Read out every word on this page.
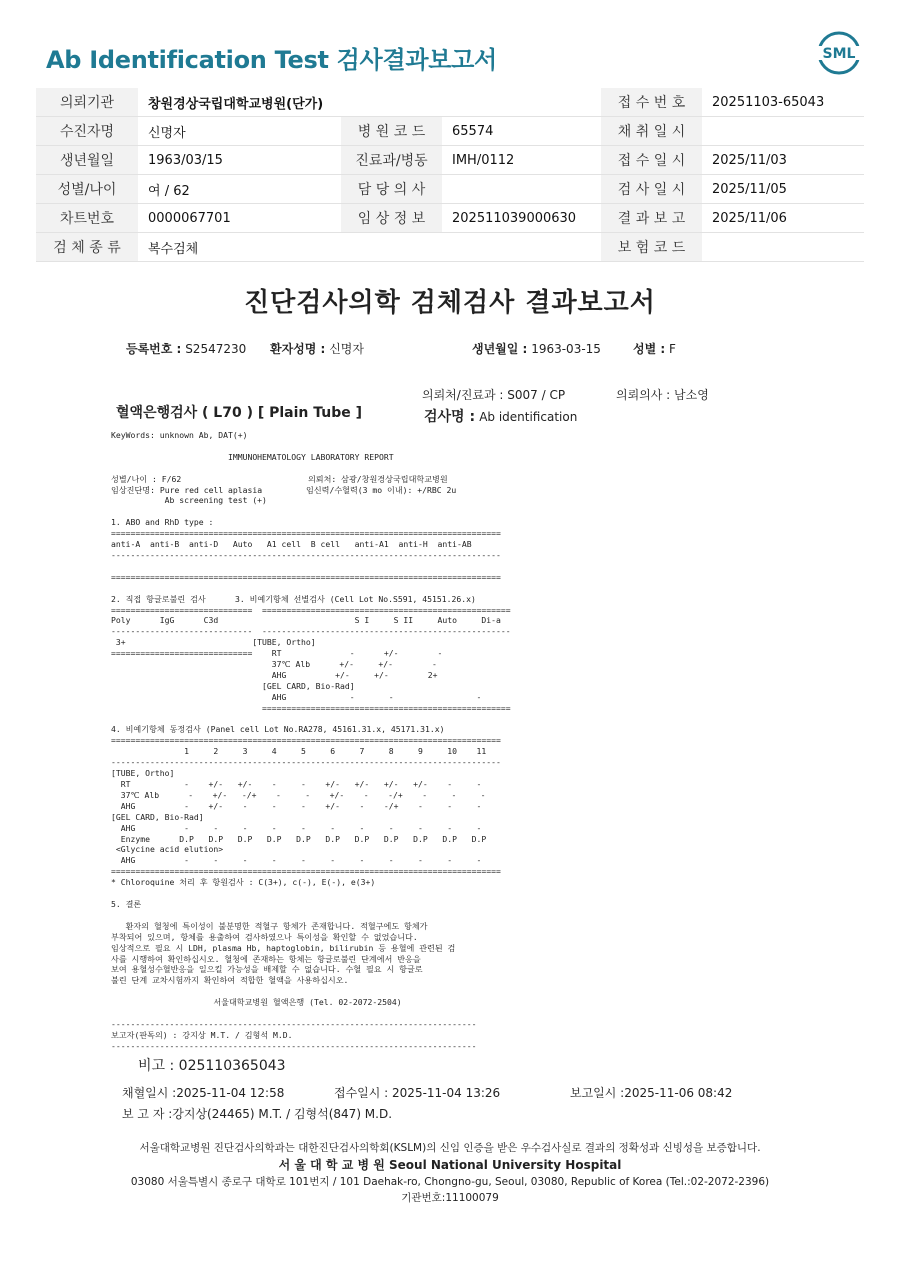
Ab Identification Test 검사결과보고서	SML
의뢰기관	창원경상국립대학교병원(단가)			접 수 번 호	20251103-65043
수진자명	신명자	병 원 코 드	65574	채 취 일 시	
생년월일	1963/03/15	진료과/병동	IMH/0112	접 수 일 시	2025/11/03
성별/나이	여 / 62	담 당 의 사		검 사 일 시	2025/11/05
차트번호	0000067701	임 상 정 보	202511039000630	결 과 보 고	2025/11/06
검 체 종 류	복수검체			보 험 코 드	
진단검사의학 검체검사 결과보고서
등록번호 : S2547230 환자성명 : 신명자	생년월일 : 1963-03-15	성별 : F
의뢰처/진료과 : S007 / CP	의뢰의사 : 남소영
혈액은행검사 ( L70 ) [ Plain Tube ]	검사명 : Ab identification
KeyWords: unknown Ab, DAT(+)

IMMUNOHEMATOLOGY LABORATORY REPORT

성별/나이 : F/62                          의뢰처: 삼광/창원경상국립대학교병원
임상진단명: Pure red cell aplasia         임신력/수혈력(3 mo 이내): +/RBC 2u
Ab screening test (+)

1. ABO and RhD type :
================================================================================
anti-A  anti-B  anti-D   Auto   A1 cell  B cell   anti-A1  anti-H  anti-AB
--------------------------------------------------------------------------------

================================================================================

2. 직접 항글로불린 검사      3. 비예기항체 선별검사 (Cell Lot No.S591, 45151.26.x)
=============================  ===================================================
Poly      IgG      C3d                            S I     S II     Auto     Di-a
-----------------------------  ---------------------------------------------------
3+                          [TUBE, Ortho]
=============================    RT              -      +/-        -
37℃ Alb      +/-     +/-        -
AHG          +/-     +/-        2+
[GEL CARD, Bio-Rad]
AHG             -       -                 -
===================================================

4. 비예기항체 동정검사 (Panel cell Lot No.RA278, 45161.31.x, 45171.31.x)
================================================================================
1     2     3     4     5     6     7     8     9     10    11
--------------------------------------------------------------------------------
[TUBE, Ortho]
RT           -    +/-   +/-    -     -    +/-   +/-   +/-   +/-    -     -
37℃ Alb      -    +/-   -/+    -     -    +/-    -    -/+    -     -     -
AHG          -    +/-    -     -     -    +/-    -    -/+    -     -     -
[GEL CARD, Bio-Rad]
AHG          -     -     -     -     -     -     -     -     -     -     -
Enzyme      D.P   D.P   D.P   D.P   D.P   D.P   D.P   D.P   D.P   D.P   D.P
<Glycine acid elution>
AHG          -     -     -     -     -     -     -     -     -     -     -
================================================================================
* Chloroquine 처리 후 항원검사 : C(3+), c(-), E(-), e(3+)

5. 결론

환자의 혈청에 특이성이 불분명한 적혈구 항체가 존재합니다. 적혈구에도 항체가
부착되어 있으며, 항체를 용출하여 검사하였으나 특이성을 확인할 수 없었습니다.
임상적으로 필요 시 LDH, plasma Hb, haptoglobin, bilirubin 등 용혈에 관련된 검
사를 시행하여 확인하십시오. 혈청에 존재하는 항체는 항글로불린 단계에서 반응을
보여 용혈성수혈반응을 일으킬 가능성을 배제할 수 없습니다. 수혈 필요 시 항글로
불린 단계 교차시험까지 확인하여 적합한 혈액을 사용하십시오.

서울대학교병원 혈액은행 (Tel. 02-2072-2504)

---------------------------------------------------------------------------
보고자(판독의) : 강지상 M.T. / 김형석 M.D.
---------------------------------------------------------------------------
비고 : 025110365043
채혈일시 :2025-11-04 12:58	접수일시 : 2025-11-04 13:26	보고일시 :2025-11-06 08:42
보 고 자 :강지상(24465) M.T. / 김형석(847) M.D.
서울대학교병원 진단검사의학과는 대한진단검사의학회(KSLM)의 신임 인증을 받은 우수검사실로 결과의 정확성과 신빙성을 보증합니다.
서 울 대 학 교 병 원 Seoul National University Hospital
03080 서울특별시 종로구 대학로 101번지 / 101 Daehak-ro, Chongno-gu, Seoul, 03080, Republic of Korea (Tel.:02-2072-2396)
기관번호:11100079
